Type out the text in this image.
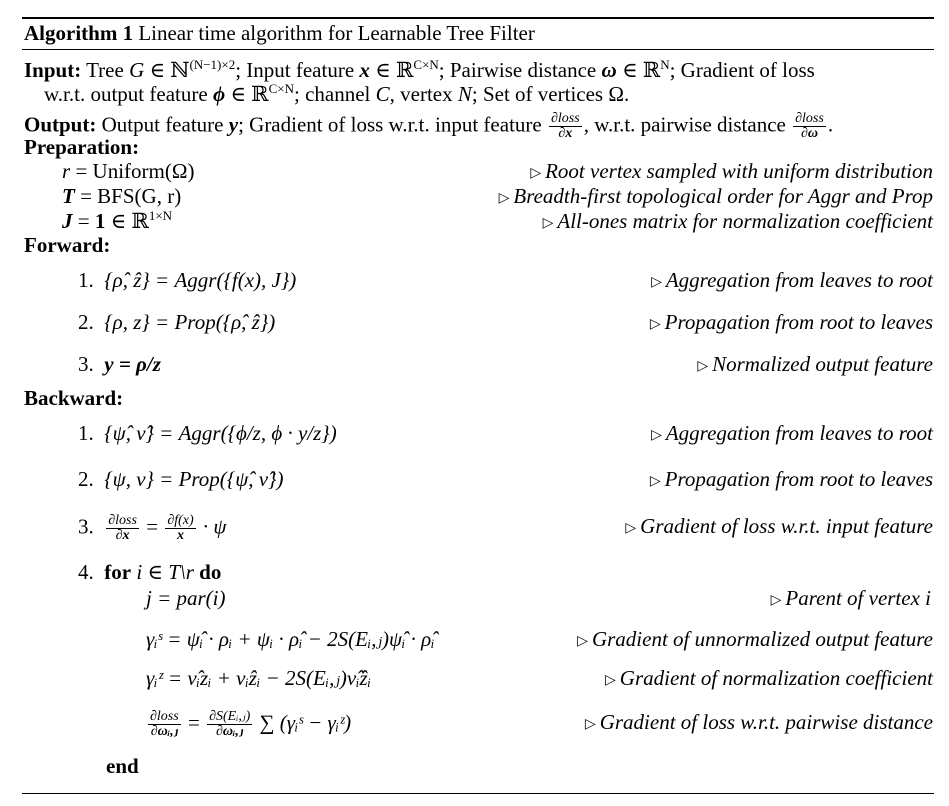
Algorithm 1 Linear time algorithm for Learnable Tree Filter
Input: Tree G ∈ ℕ$^{(N-1)\times 2}$; Input feature x ∈ ℝ$^{C\times N}$; Pairwise distance ω ∈ ℝ$^N$; Gradient of loss
w.r.t. output feature ϕ ∈ ℝ$^{C\times N}$; channel C, vertex N; Set of vertices Ω.
Output: Output feature y; Gradient of loss w.r.t. input feature $\frac{\text{∂loss}}{\partial x}$ , w.r.t. pairwise distance $\frac{\text{∂loss}}{\partial\omega}$ .
Preparation:
r = Uniform(Ω)	▷ Root vertex sampled with uniform distribution
T = BFS(G, r)	▷ Breadth-first topological order for Aggr and Prop
J = 1 ∈ ℝ$^{1\times N}$
▷ All-ones matrix for normalization coefficient
Forward:
1. {ρ̂, ẑ} = Aggr({f(x), J})	▷ Aggregation from leaves to root
2. {ρ, z} = Prop({ρ̂, ẑ})	▷ Propagation from root to leaves
3. y = ρ/z	▷ Normalized output feature
Backward:
1. {ψ̂, ν̂} = Aggr({ϕ/z, ϕ · y/z})	▷ Aggregation from leaves to root
2. {ψ, ν} = Prop({ψ̂, ν̂})	▷ Propagation from root to leaves
3. $\frac{\text{∂loss}}{\partial x} = \frac{\partial f(x)}{x} \cdot \psi$	▷ Gradient of loss w.r.t. input feature
4. for i ∈ T\r do
j = par(i)	▷ Parent of vertex i
γᵢˢ = ψ̂ᵢ · ρᵢ + ψᵢ · ρ̂ᵢ − 2S(Eᵢ,ⱼ)ψ̂ᵢ · ρ̂ᵢ	▷ Gradient of unnormalized output feature
γᵢᶻ = ν̂ᵢzᵢ + νᵢẑᵢ − 2S(Eᵢ,ⱼ)ν̂ᵢẑᵢ	▷ Gradient of normalization coefficient
$\frac{\text{∂loss}}{\text{∂ωᵢ,ⱼ}} = \frac{\text{∂S(Eᵢ,ⱼ)}}{\text{∂ωᵢ,ⱼ}}$ ∑ (γᵢˢ − γᵢᶻ)	▷ Gradient of loss w.r.t. pairwise distance
end
